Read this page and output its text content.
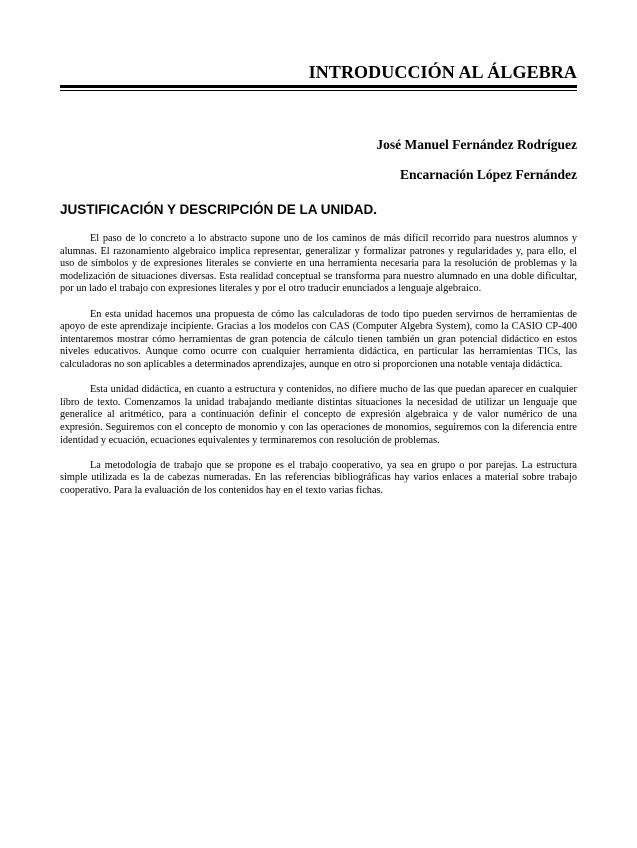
INTRODUCCIÓN AL ÁLGEBRA
José Manuel Fernández Rodríguez
Encarnación López Fernández
JUSTIFICACIÓN Y DESCRIPCIÓN DE LA UNIDAD.

El paso de lo concreto a lo abstracto supone uno de los caminos de más difícil recorrido para nuestros alumnos y alumnas. El razonamiento algebraico implica representar, generalizar y formalizar patrones y regularidades y, para ello, el uso de símbolos y de expresiones literales se convierte en una herramienta necesaria para la resolución de problemas y la modelización de situaciones diversas. Esta realidad conceptual se transforma para nuestro alumnado en una doble dificultar, por un lado el trabajo con expresiones literales y por el otro traducir enunciados a lenguaje algebraico.

En esta unidad hacemos una propuesta de cómo las calculadoras de todo tipo pueden servirnos de herramientas de apoyo de este aprendizaje incipiente. Gracias a los modelos con CAS (Computer Algebra System), como la CASIO CP-400 intentaremos mostrar cómo herramientas de gran potencia de cálculo tienen también un gran potencial didáctico en estos niveles educativos. Aunque como ocurre con cualquier herramienta didáctica, en particular las herramientas TICs, las calculadoras no son aplicables a determinados aprendizajes, aunque en otro si proporcionen una notable ventaja didáctica.

Esta unidad didáctica, en cuanto a estructura y contenidos, no difiere mucho de las que puedan aparecer en cualquier libro de texto. Comenzamos la unidad trabajando mediante distintas situaciones la necesidad de utilizar un lenguaje que generalice al aritmético, para a continuación definir el concepto de expresión algebraica y de valor numérico de una expresión. Seguiremos con el concepto de monomio y con las operaciones de monomios, seguiremos con la diferencia entre identidad y ecuación, ecuaciones equivalentes y terminaremos con resolución de problemas.

La metodología de trabajo que se propone es el trabajo cooperativo, ya sea en grupo o por parejas. La estructura simple utilizada es la de cabezas numeradas. En las referencias bibliográficas hay varios enlaces a material sobre trabajo cooperativo. Para la evaluación de los contenidos hay en el texto varias fichas.
